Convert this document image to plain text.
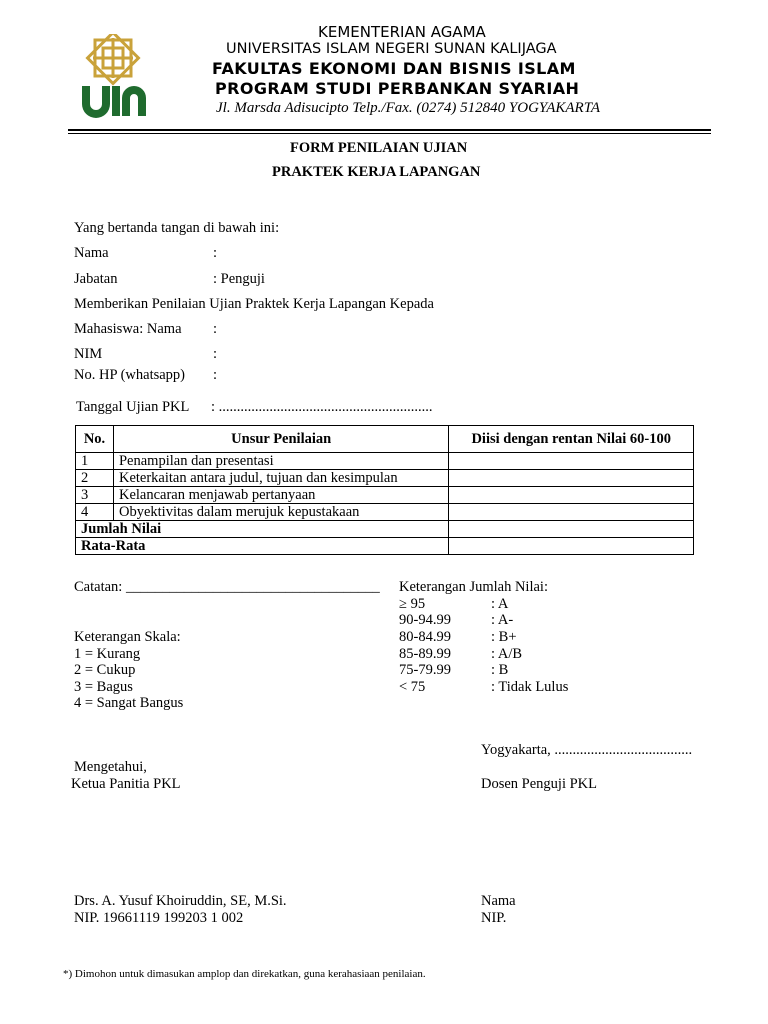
KEMENTERIAN AGAMA
UNIVERSITAS ISLAM NEGERI SUNAN KALIJAGA
FAKULTAS EKONOMI DAN BISNIS ISLAM
PROGRAM STUDI PERBANKAN SYARIAH
Jl. Marsda Adisucipto Telp./Fax. (0274) 512840 YOGYAKARTA
FORM PENILAIAN UJIAN
PRAKTEK KERJA LAPANGAN
Yang bertanda tangan di bawah ini:
Nama	:
Jabatan	: Penguji
Memberikan Penilaian Ujian Praktek Kerja Lapangan Kepada
Mahasiswa: Nama :
NIM	:
No. HP (whatsapp) :
Tanggal Ujian PKL : ...........................................................
No.	Unsur Penilaian	Diisi dengan rentan Nilai 60-100
1	Penampilan dan presentasi	
2	Keterkaitan antara judul, tujuan dan kesimpulan	
3	Kelancaran menjawab pertanyaan	
4	Obyektivitas dalam merujuk kepustakaan	
Jumlah Nilai		
Rata-Rata		
Catatan: ___________________________________
Keterangan Skala:
1 = Kurang
2 = Cukup
3 = Bagus
4 = Sangat Bangus
Keterangan Jumlah Nilai:
≥ 95	: A
90-94.99	: A-
80-84.99	: B+
85-89.99	: A/B
75-79.99	: B
< 75	: Tidak Lulus
Yogyakarta, ......................................
Mengetahui,
Ketua Panitia PKL	Dosen Penguji PKL
Drs. A. Yusuf Khoiruddin, SE, M.Si.
NIP. 19661119 199203 1 002
Nama
NIP.
*) Dimohon untuk dimasukan amplop dan direkatkan, guna kerahasiaan penilaian.
